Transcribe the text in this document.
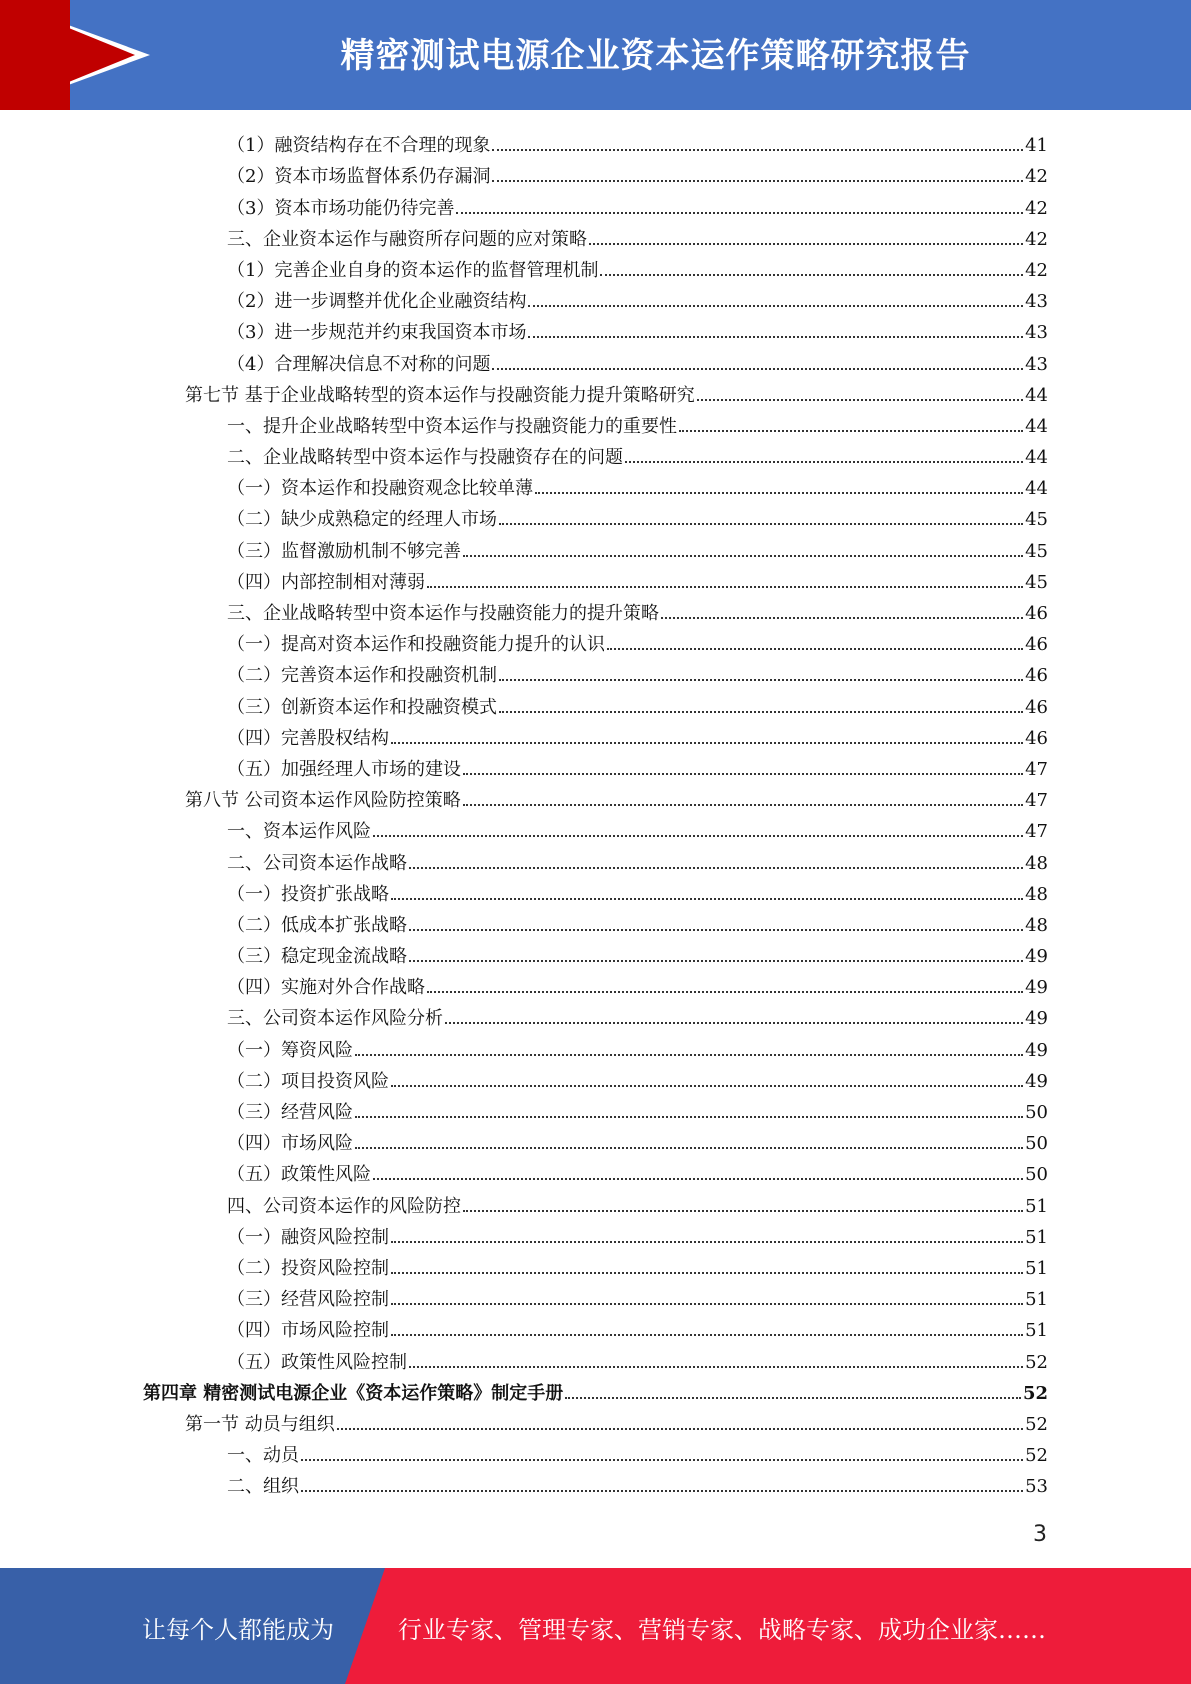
精密测试电源企业资本运作策略研究报告
（1）融资结构存在不合理的现象	41
（2）资本市场监督体系仍存漏洞	42
（3）资本市场功能仍待完善	42
三、企业资本运作与融资所存问题的应对策略	42
（1）完善企业自身的资本运作的监督管理机制	42
（2）进一步调整并优化企业融资结构	43
（3）进一步规范并约束我国资本市场	43
（4）合理解决信息不对称的问题	43
第七节 基于企业战略转型的资本运作与投融资能力提升策略研究	44
一、提升企业战略转型中资本运作与投融资能力的重要性	44
二、企业战略转型中资本运作与投融资存在的问题	44
（一）资本运作和投融资观念比较单薄	44
（二）缺少成熟稳定的经理人市场	45
（三）监督激励机制不够完善	45
（四）内部控制相对薄弱	45
三、企业战略转型中资本运作与投融资能力的提升策略	46
（一）提高对资本运作和投融资能力提升的认识	46
（二）完善资本运作和投融资机制	46
（三）创新资本运作和投融资模式	46
（四）完善股权结构	46
（五）加强经理人市场的建设	47
第八节 公司资本运作风险防控策略	47
一、资本运作风险	47
二、公司资本运作战略	48
（一）投资扩张战略	48
（二）低成本扩张战略	48
（三）稳定现金流战略	49
（四）实施对外合作战略	49
三、公司资本运作风险分析	49
（一）筹资风险	49
（二）项目投资风险	49
（三）经营风险	50
（四）市场风险	50
（五）政策性风险	50
四、公司资本运作的风险防控	51
（一）融资风险控制	51
（二）投资风险控制	51
（三）经营风险控制	51
（四）市场风险控制	51
（五）政策性风险控制	52
第四章 精密测试电源企业《资本运作策略》制定手册	52
第一节 动员与组织	52
一、动员	52
二、组织	53
3
让每个人都能成为	行业专家、管理专家、营销专家、战略专家、成功企业家……
